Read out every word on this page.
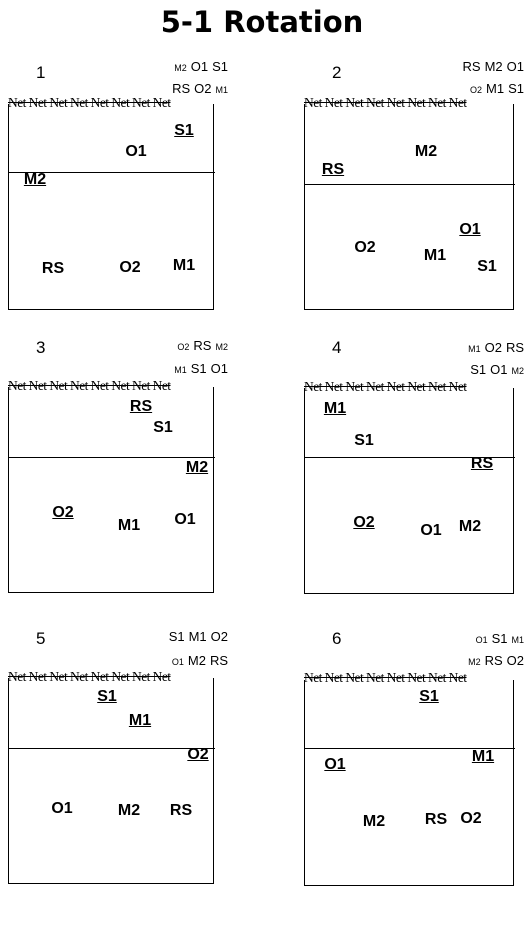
5-1 Rotation
1	M2 O1 S1
RS O2 M1
Net Net Net Net Net Net Net Net
S1
O1
M2
RS	O2 M1
2	RS M2 O1
O2 M1 S1
Net Net Net Net Net Net Net Net
M2
RS
O1
O2	M1
S1
3	O2 RS M2
M1 S1 O1
Net Net Net Net Net Net Net Net
RS
S1
M2
O2
M1 O1
4	M1 O2 RS
S1 O1 M2
Net Net Net Net Net Net Net Net
M1
S1
RS
O2	O1 M2
5	S1 M1 O2
O1 M2 RS
Net Net Net Net Net Net Net Net
S1
M1
O2
O1	M2 RS
6	O1 S1 M1
M2 RS O2
Net Net Net Net Net Net Net Net
S1
O1	M1
M2 RS O2
